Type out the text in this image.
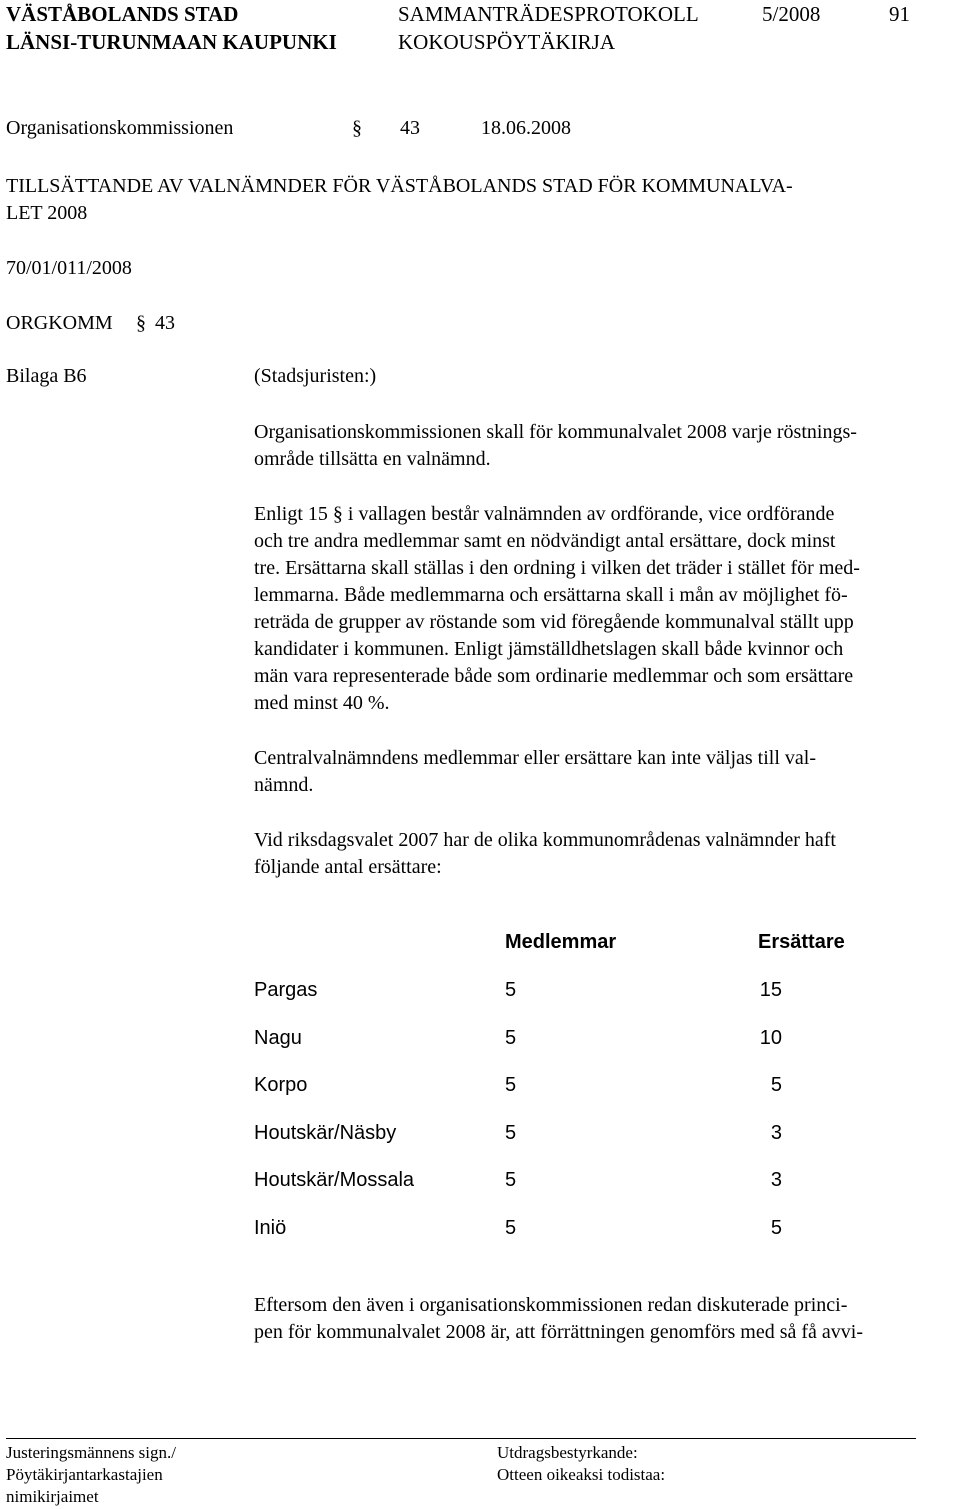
VÄSTÅBOLANDS STAD
LÄNSI-TURUNMAAN KAUPUNKI
SAMMANTRÄDESPROTOKOLL
KOKOUSPÖYTÄKIRJA
5/2008	91
Organisationskommissionen	§ 43	18.06.2008
TILLSÄTTANDE AV VALNÄMNDER FÖR VÄSTÅBOLANDS STAD FÖR KOMMUNALVA-
LET 2008
70/01/011/2008
ORGKOMM § 43
Bilaga B6	(Stadsjuristen:)
Organisationskommissionen skall för kommunalvalet 2008 varje röstnings-
område tillsätta en valnämnd.
Enligt 15 § i vallagen består valnämnden av ordförande, vice ordförande
och tre andra medlemmar samt en nödvändigt antal ersättare, dock minst
tre. Ersättarna skall ställas i den ordning i vilken det träder i stället för med-
lemmarna. Både medlemmarna och ersättarna skall i mån av möjlighet fö-
reträda de grupper av röstande som vid föregående kommunalval ställt upp
kandidater i kommunen. Enligt jämställdhetslagen skall både kvinnor och
män vara representerade både som ordinarie medlemmar och som ersättare
med minst 40 %.
Centralvalnämndens medlemmar eller ersättare kan inte väljas till val-
nämnd.
Vid riksdagsvalet 2007 har de olika kommunområdenas valnämnder haft
följande antal ersättare:
Medlemmar	Ersättare
Pargas	5	15
Nagu	5	10
Korpo	5	5
Houtskär/Näsby	5	3
Houtskär/Mossala	5	3
Iniö	5	5
Eftersom den även i organisationskommissionen redan diskuterade princi-
pen för kommunalvalet 2008 är, att förrättningen genomförs med så få avvi-
Justeringsmännens sign./
Pöytäkirjantarkastajien
nimikirjaimet
Utdragsbestyrkande:
Otteen oikeaksi todistaa:
